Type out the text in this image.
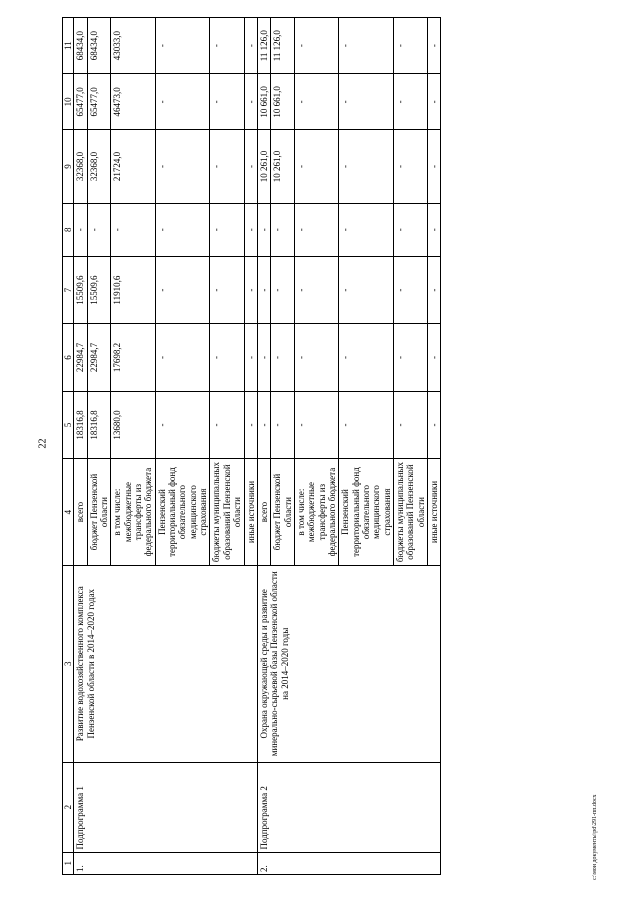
22
c:\мои документы\pd\291-пп.docx
1	2	3	4	5	6	7	8	9	10	11
1.	Подпрограмма 1	Развитие водохозяйственного комплекса Пензенской области в 2014–2020 годах	всего	18316,8	22984,7	15509,6	-	32368,0	65477,0	68434,0
			бюджет Пензенской области	18316,8	22984,7	15509,6	-	32368,0	65477,0	68434,0
			в том числе: межбюджетные трансферты из федерального бюджета	13680,0	17698,2	11910,6	-	21724,0	46473,0	43033,0
			Пензенский территориальный фонд обязательного медицинского страхования	-	-	-	-	-	-	-
			бюджеты муниципальных образований Пензенской области	-	-	-	-	-	-	-
			иные источники	-	-	-	-	-	-	-
2.	Подпрограмма 2	Охрана окружающей среды и развитие минерально-сырьевой базы Пензенской области на 2014–2020 годы	всего	-	-	-	-	10 261,0	10 661,0	11 126,0
			бюджет Пензенской области	-	-	-	-	10 261,0	10 661,0	11 126,0
			в том числе: межбюджетные трансферты из федерального бюджета	-	-	-	-	-	-	-
			Пензенский территориальный фонд обязательного медицинского страхования	-	-	-	-	-	-	-
			бюджеты муниципальных образований Пензенской области	-	-	-	-	-	-	-
			иные источники	-	-	-	-	-	-	-
